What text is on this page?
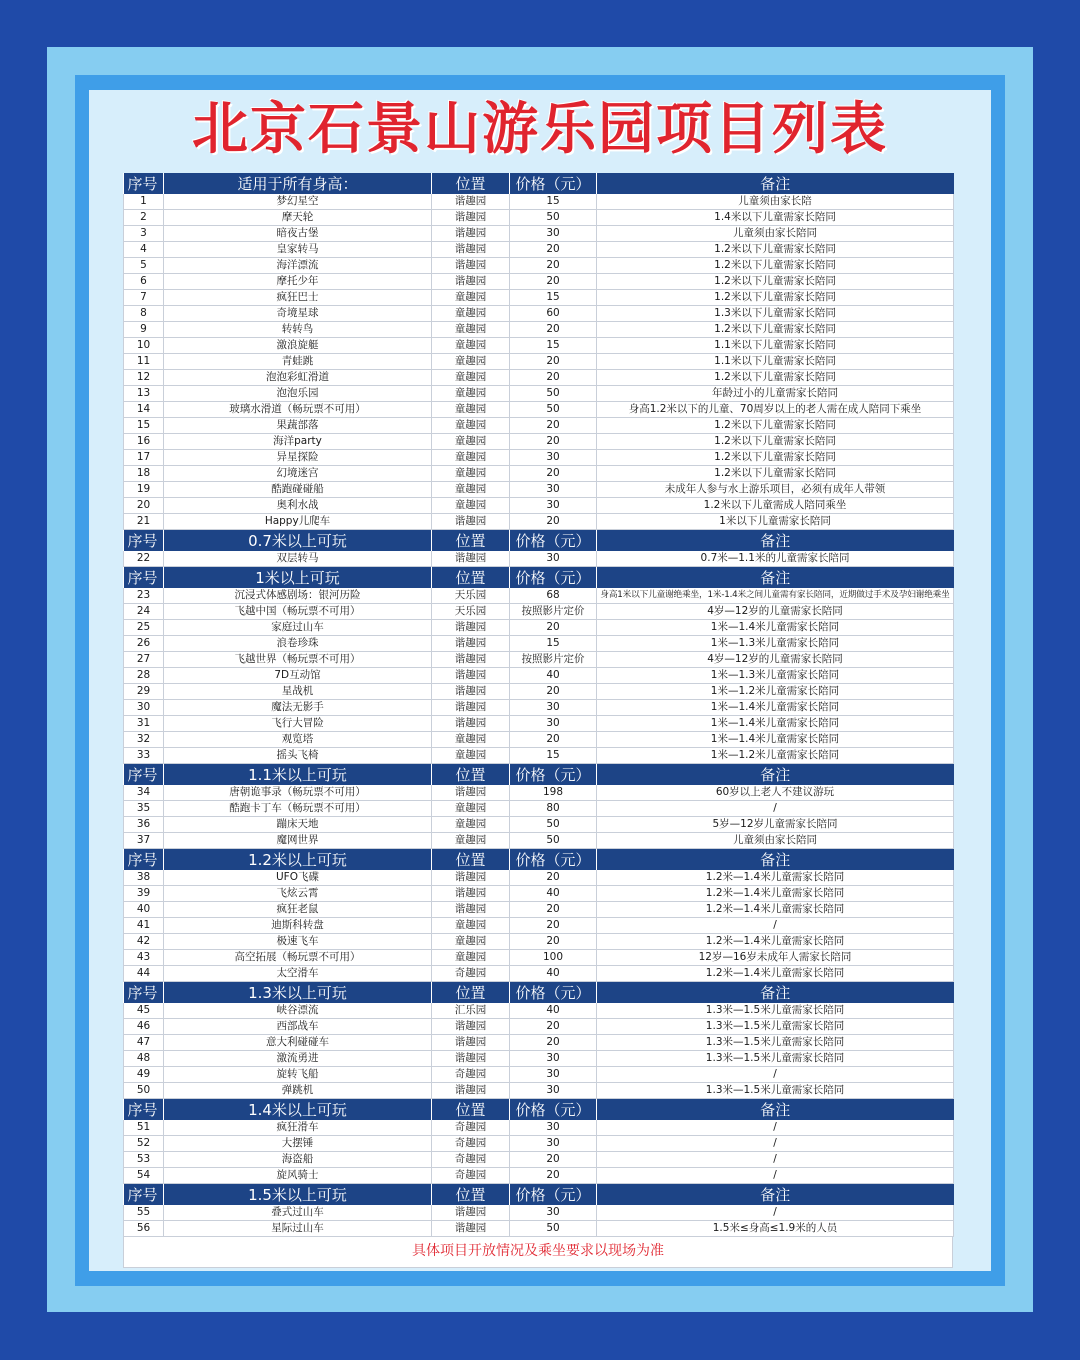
北京石景山游乐园项目列表
序号	适用于所有身高：	位置	价格（元）	备注
1	梦幻星空	谐趣园	15	儿童须由家长陪
2	摩天轮	谐趣园	50	1.4米以下儿童需家长陪同
3	暗夜古堡	谐趣园	30	儿童须由家长陪同
4	皇家转马	谐趣园	20	1.2米以下儿童需家长陪同
5	海洋漂流	谐趣园	20	1.2米以下儿童需家长陪同
6	摩托少年	谐趣园	20	1.2米以下儿童需家长陪同
7	疯狂巴士	童趣园	15	1.2米以下儿童需家长陪同
8	奇境星球	童趣园	60	1.3米以下儿童需家长陪同
9	转转鸟	童趣园	20	1.2米以下儿童需家长陪同
10	激浪旋艇	童趣园	15	1.1米以下儿童需家长陪同
11	青蛙跳	童趣园	20	1.1米以下儿童需家长陪同
12	泡泡彩虹滑道	童趣园	20	1.2米以下儿童需家长陪同
13	泡泡乐园	童趣园	50	年龄过小的儿童需家长陪同
14	玻璃水滑道（畅玩票不可用）	童趣园	50	身高1.2米以下的儿童、70周岁以上的老人需在成人陪同下乘坐
15	果蔬部落	童趣园	20	1.2米以下儿童需家长陪同
16	海洋party	童趣园	20	1.2米以下儿童需家长陪同
17	异星探险	童趣园	30	1.2米以下儿童需家长陪同
18	幻境迷宫	童趣园	20	1.2米以下儿童需家长陪同
19	酷跑碰碰船	童趣园	30	未成年人参与水上游乐项目，必须有成年人带领
20	奥利水战	童趣园	30	1.2米以下儿童需成人陪同乘坐
21	Happy儿爬车	谐趣园	20	1米以下儿童需家长陪同
序号	0.7米以上可玩	位置	价格（元）	备注
22	双层转马	谐趣园	30	0.7米—1.1米的儿童需家长陪同
序号	1米以上可玩	位置	价格（元）	备注
23	沉浸式体感剧场：银河历险	天乐园	68	身高1米以下儿童谢绝乘坐，1米-1.4米之间儿童需有家长陪同，近期做过手术及孕妇谢绝乘坐
24	飞越中国（畅玩票不可用）	天乐园	按照影片定价	4岁—12岁的儿童需家长陪同
25	家庭过山车	谐趣园	20	1米—1.4米儿童需家长陪同
26	浪卷珍珠	谐趣园	15	1米—1.3米儿童需家长陪同
27	飞越世界（畅玩票不可用）	谐趣园	按照影片定价	4岁—12岁的儿童需家长陪同
28	7D互动馆	谐趣园	40	1米—1.3米儿童需家长陪同
29	星战机	谐趣园	20	1米—1.2米儿童需家长陪同
30	魔法无影手	谐趣园	30	1米—1.4米儿童需家长陪同
31	飞行大冒险	谐趣园	30	1米—1.4米儿童需家长陪同
32	观览塔	童趣园	20	1米—1.4米儿童需家长陪同
33	摇头飞椅	童趣园	15	1米—1.2米儿童需家长陪同
序号	1.1米以上可玩	位置	价格（元）	备注
34	唐朝诡事录（畅玩票不可用）	谐趣园	198	60岁以上老人不建议游玩
35	酷跑卡丁车（畅玩票不可用）	童趣园	80	/
36	蹦床天地	童趣园	50	5岁—12岁儿童需家长陪同
37	魔网世界	童趣园	50	儿童须由家长陪同
序号	1.2米以上可玩	位置	价格（元）	备注
38	UFO飞碟	谐趣园	20	1.2米—1.4米儿童需家长陪同
39	飞炫云霄	谐趣园	40	1.2米—1.4米儿童需家长陪同
40	疯狂老鼠	谐趣园	20	1.2米—1.4米儿童需家长陪同
41	迪斯科转盘	童趣园	20	/
42	极速飞车	童趣园	20	1.2米—1.4米儿童需家长陪同
43	高空拓展（畅玩票不可用）	童趣园	100	12岁—16岁未成年人需家长陪同
44	太空滑车	奇趣园	40	1.2米—1.4米儿童需家长陪同
序号	1.3米以上可玩	位置	价格（元）	备注
45	峡谷漂流	汇乐园	40	1.3米—1.5米儿童需家长陪同
46	西部战车	谐趣园	20	1.3米—1.5米儿童需家长陪同
47	意大利碰碰车	谐趣园	20	1.3米—1.5米儿童需家长陪同
48	激流勇进	谐趣园	30	1.3米—1.5米儿童需家长陪同
49	旋转飞船	奇趣园	30	/
50	弹跳机	谐趣园	30	1.3米—1.5米儿童需家长陪同
序号	1.4米以上可玩	位置	价格（元）	备注
51	疯狂滑车	奇趣园	30	/
52	大摆锤	奇趣园	30	/
53	海盗船	奇趣园	20	/
54	旋风骑士	奇趣园	20	/
序号	1.5米以上可玩	位置	价格（元）	备注
55	叠式过山车	谐趣园	30	/
56	星际过山车	谐趣园	50	1.5米≤身高≤1.9米的人员
具体项目开放情况及乘坐要求以现场为准
